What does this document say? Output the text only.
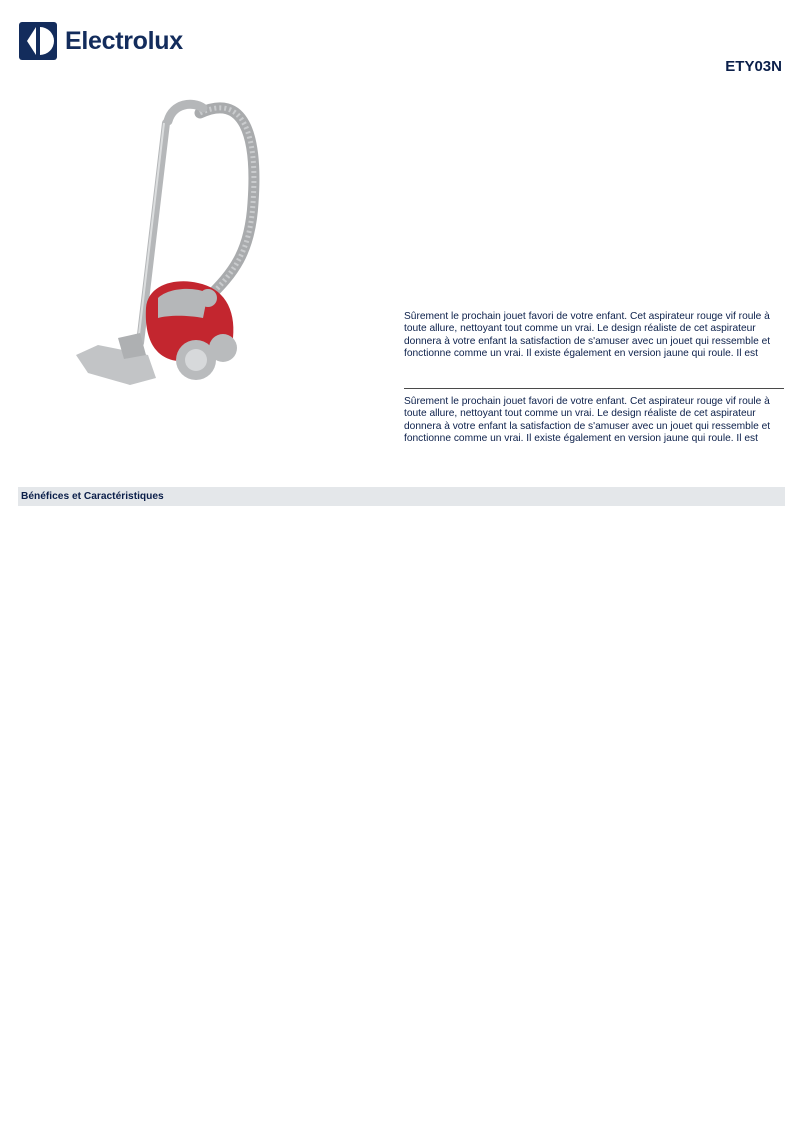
Electrolux
ETY03N
Sûrement le prochain jouet favori de votre enfant. Cet aspirateur rouge vif roule à toute allure, nettoyant tout comme un vrai. Le design réaliste de cet aspirateur donnera à votre enfant la satisfaction de s'amuser avec un jouet qui ressemble et fonctionne comme un vrai. Il existe également en version jaune qui roule. Il est
Sûrement le prochain jouet favori de votre enfant. Cet aspirateur rouge vif roule à toute allure, nettoyant tout comme un vrai. Le design réaliste de cet aspirateur donnera à votre enfant la satisfaction de s'amuser avec un jouet qui ressemble et fonctionne comme un vrai. Il existe également en version jaune qui roule. Il est
Bénéfices et Caractéristiques
